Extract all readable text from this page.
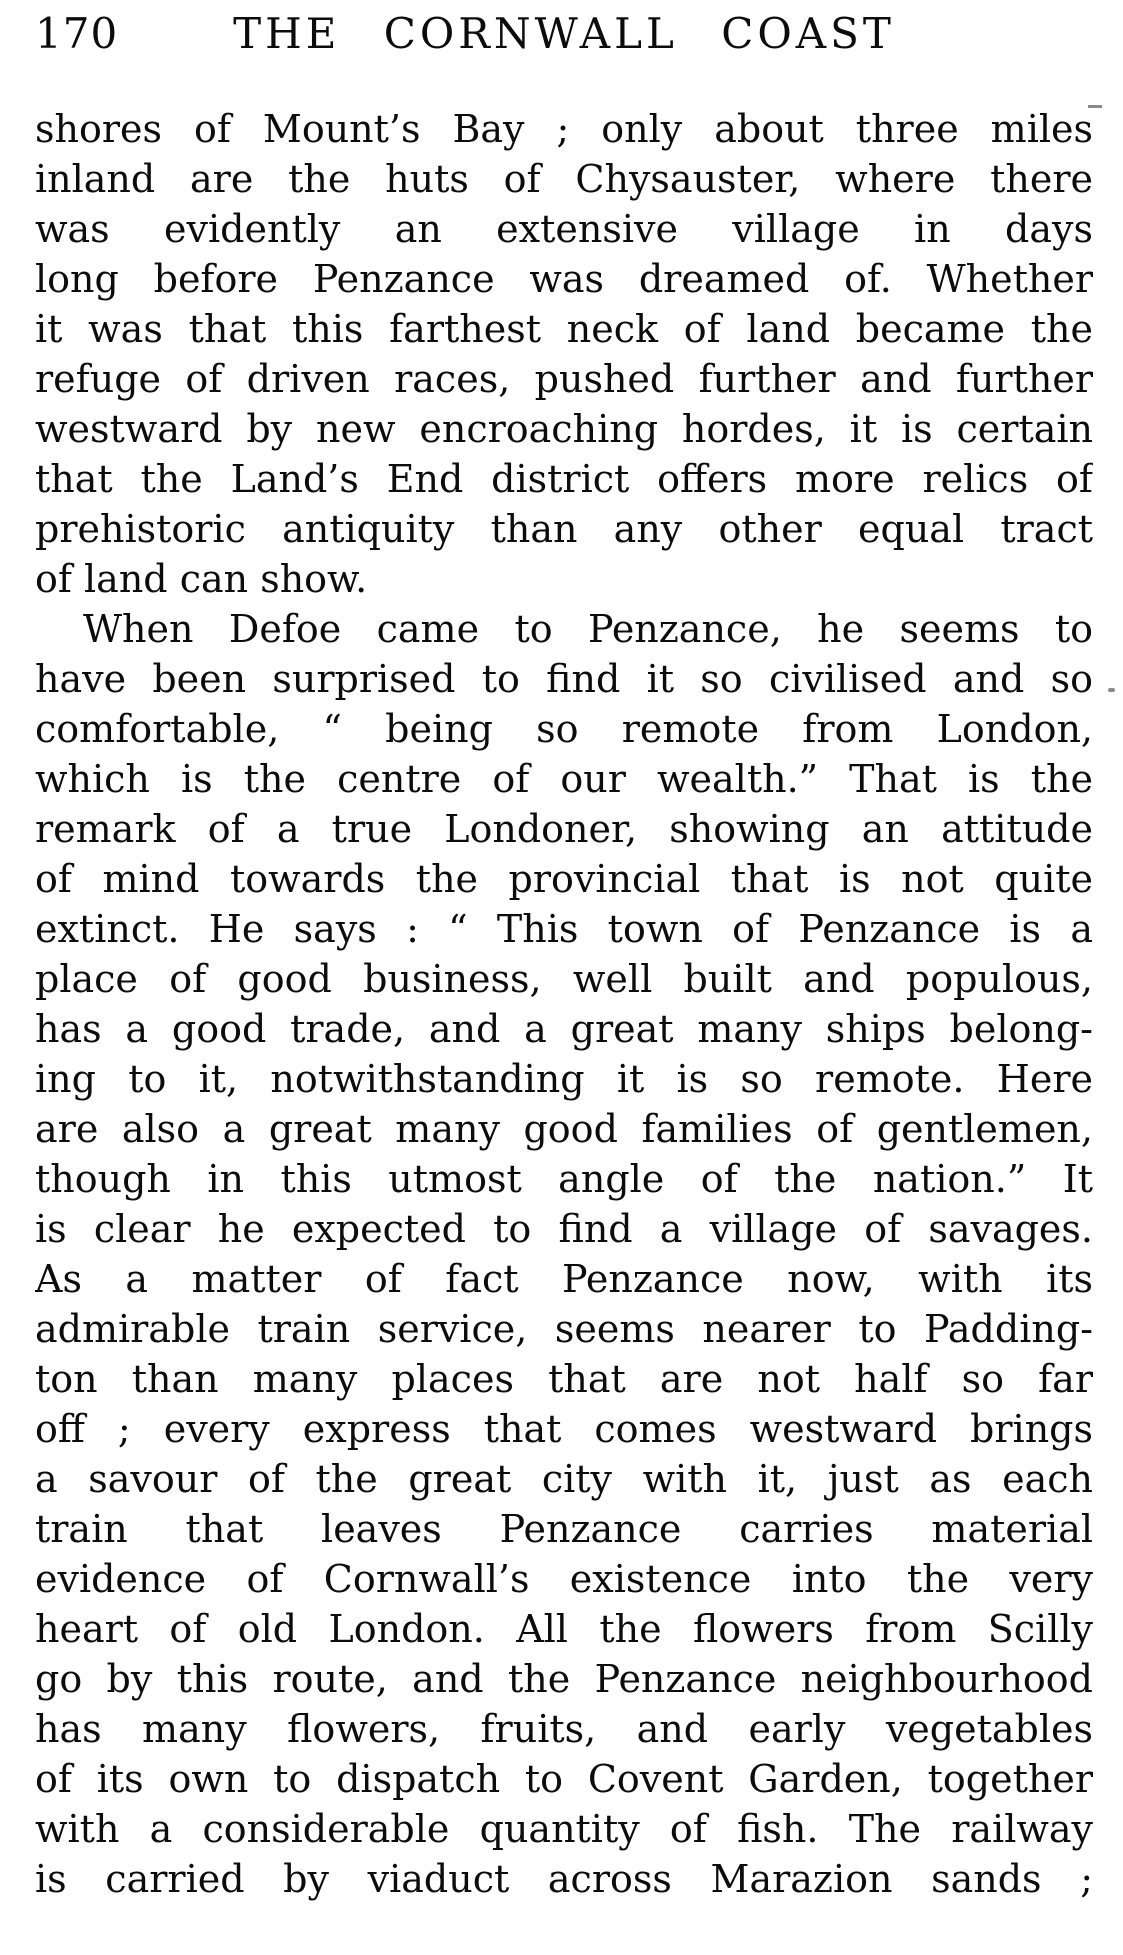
170	THE CORNWALL COAST
shores of Mount’s Bay ; only about three miles
inland are the huts of Chysauster, where there
was evidently an extensive village in days
long before Penzance was dreamed of. Whether
it was that this farthest neck of land became the
refuge of driven races, pushed further and further
westward by new encroaching hordes, it is certain
that the Land’s End district offers more relics of
prehistoric antiquity than any other equal tract
of land can show.
When Defoe came to Penzance, he seems to
have been surprised to find it so civilised and so
comfortable, “ being so remote from London,
which is the centre of our wealth.” That is the
remark of a true Londoner, showing an attitude
of mind towards the provincial that is not quite
extinct. He says : “ This town of Penzance is a
place of good business, well built and populous,
has a good trade, and a great many ships belong-
ing to it, notwithstanding it is so remote. Here
are also a great many good families of gentlemen,
though in this utmost angle of the nation.” It
is clear he expected to find a village of savages.
As a matter of fact Penzance now, with its
admirable train service, seems nearer to Padding-
ton than many places that are not half so far
off ; every express that comes westward brings
a savour of the great city with it, just as each
train that leaves Penzance carries material
evidence of Cornwall’s existence into the very
heart of old London. All the flowers from Scilly
go by this route, and the Penzance neighbourhood
has many flowers, fruits, and early vegetables
of its own to dispatch to Covent Garden, together
with a considerable quantity of fish. The railway
is carried by viaduct across Marazion sands ;
